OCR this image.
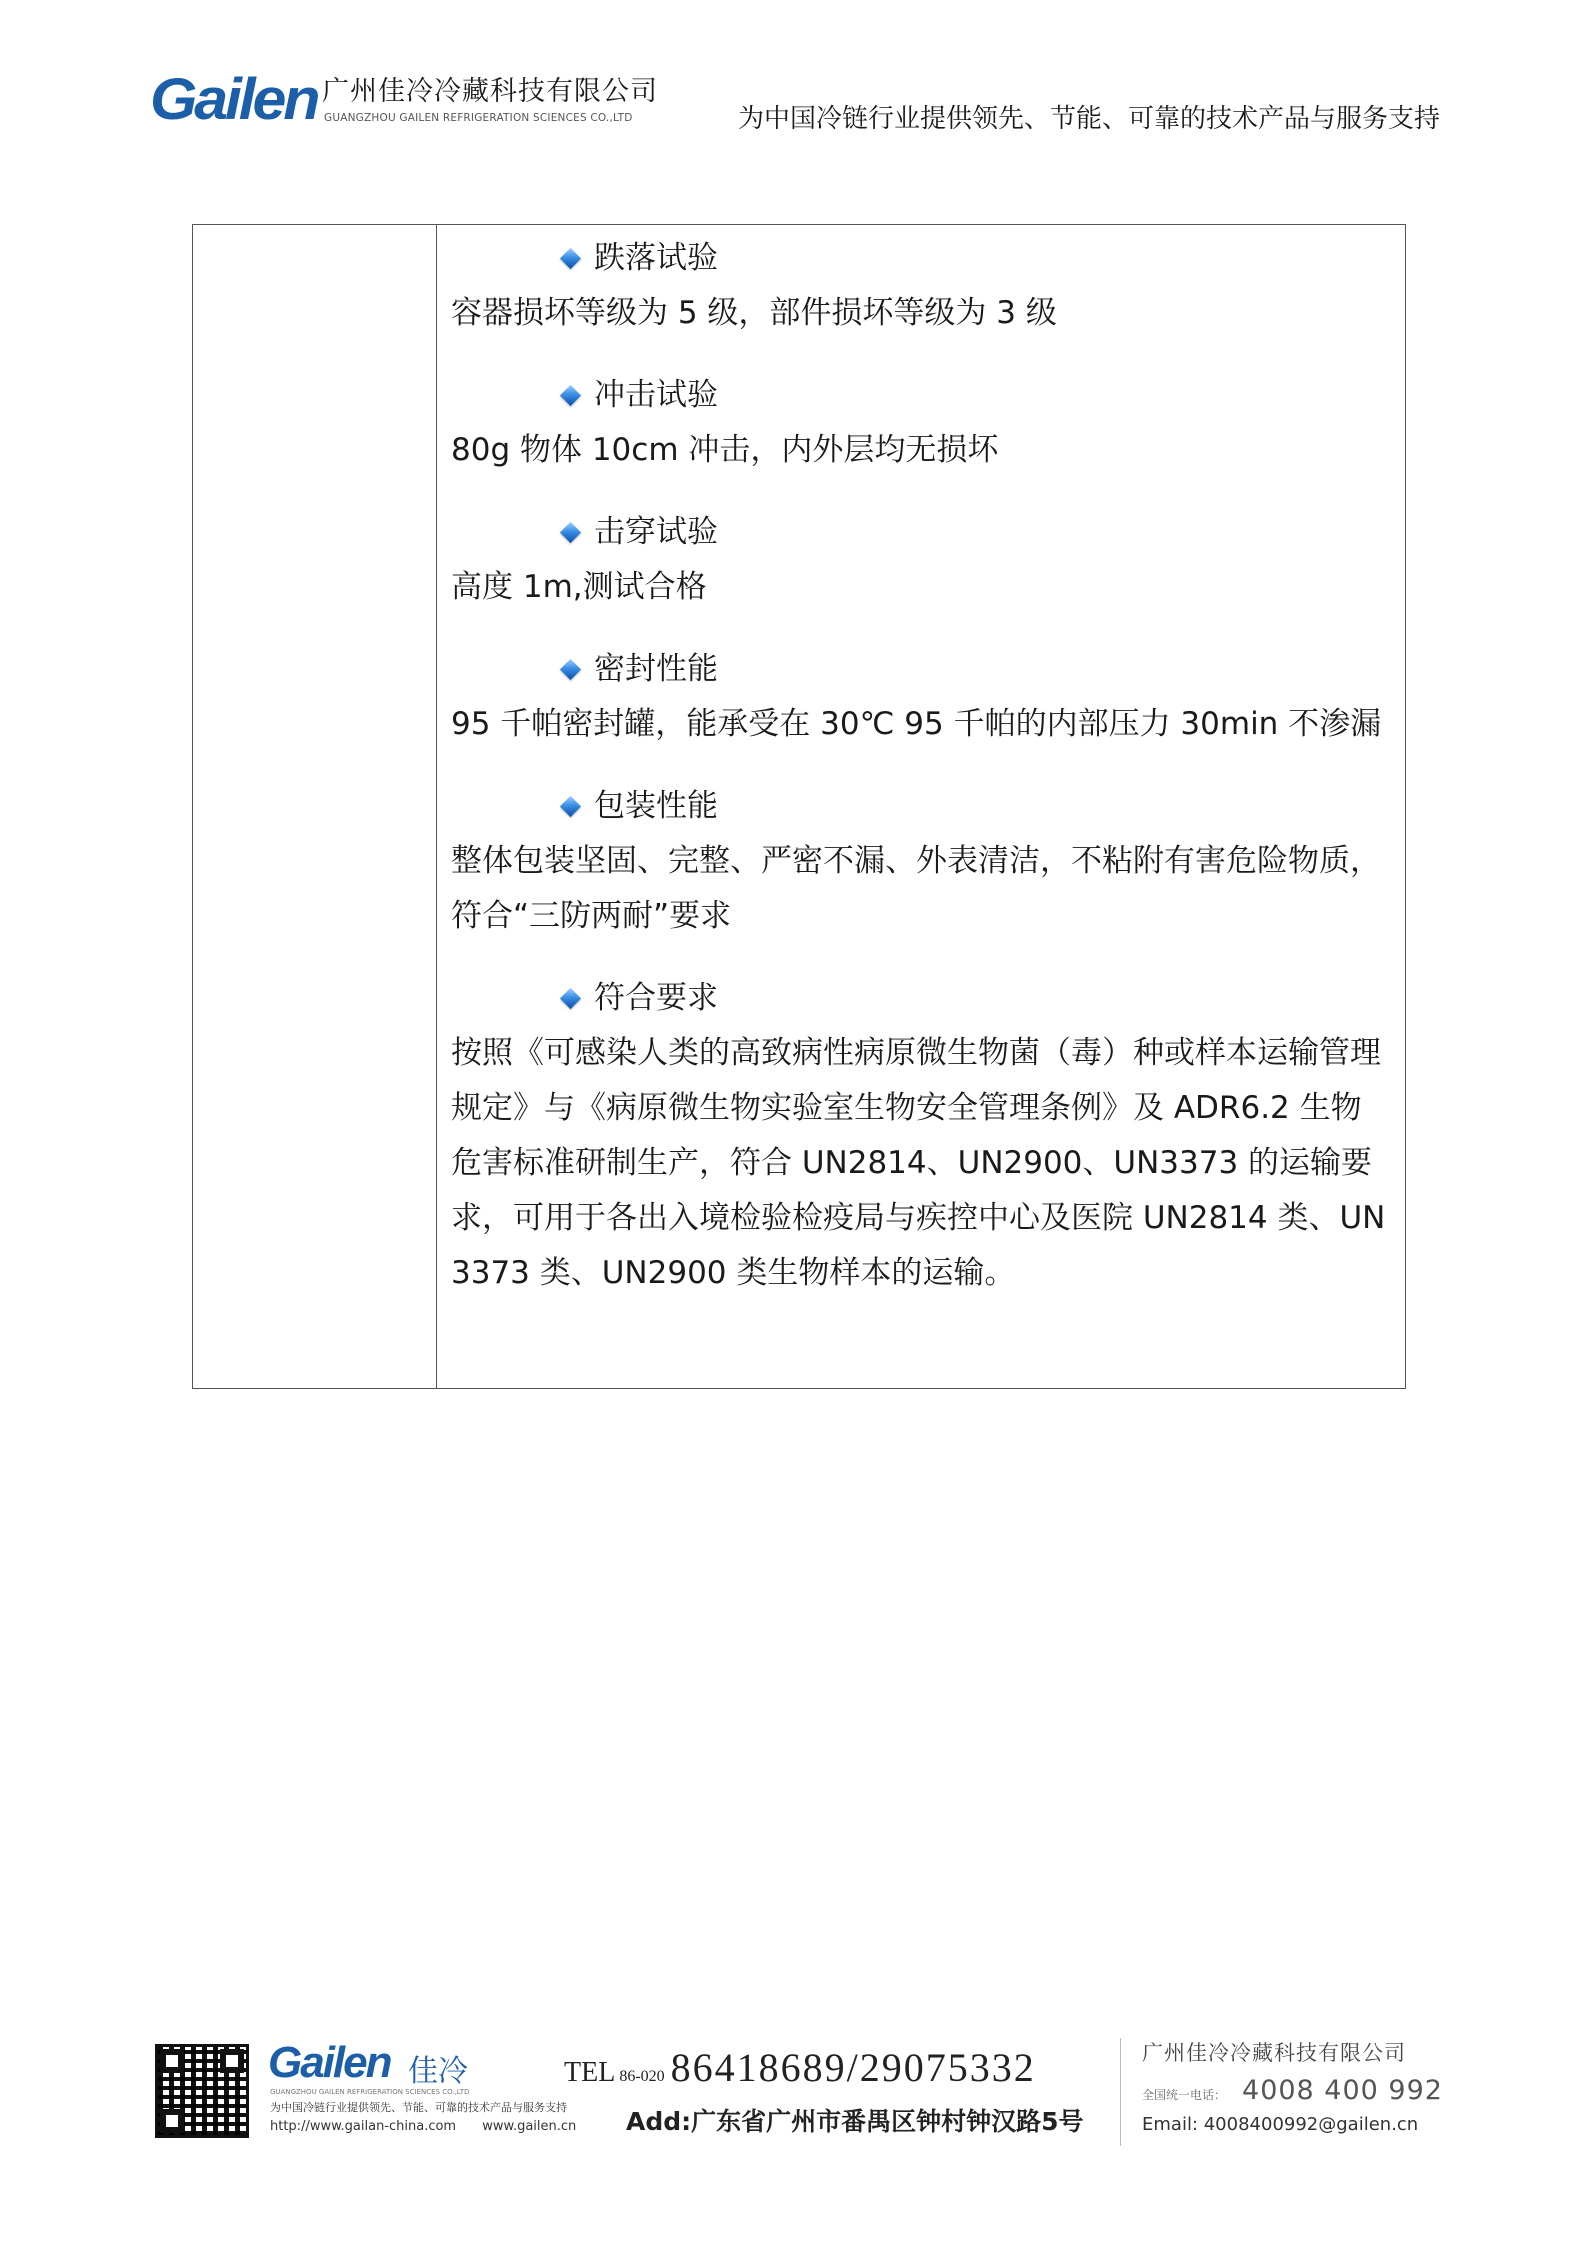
Gailen 广州佳冷冷藏科技有限公司
GUANGZHOU GAILEN REFRIGERATION SCIENCES CO.,LTD	为中国冷链行业提供领先、节能、可靠的技术产品与服务支持
跌落试验

容器损坏等级为 5 级，部件损坏等级为 3 级

冲击试验

80g 物体 10cm 冲击，内外层均无损坏

击穿试验

高度 1m,测试合格

密封性能

95 千帕密封罐，能承受在 30℃ 95 千帕的内部压力 30min 不渗漏

包装性能

整体包装坚固、完整、严密不漏、外表清洁，不粘附有害危险物质，符合“三防两耐”要求

符合要求

按照《可感染人类的高致病性病原微生物菌（毒）种或样本运输管理规定》与《病原微生物实验室生物安全管理条例》及 ADR6.2 生物危害标准研制生产，符合 UN2814、UN2900、UN3373 的运输要求，可用于各出入境检验检疫局与疾控中心及医院 UN2814 类、UN3373 类、UN2900 类生物样本的运输。

Gailen 佳冷
GUANGZHOU GAILEN REFRIGERATION SCIENCES CO.,LTD
为中国冷链行业提供领先、节能、可靠的技术产品与服务支持
http://www.gailan-china.com www.gailen.cn
TEL 86-020 86418689/29075332
Add:广东省广州市番禺区钟村钟汉路5号
广州佳冷冷藏科技有限公司
全国统一电话： 4008 400 992
Email: 4008400992@gailen.cn
